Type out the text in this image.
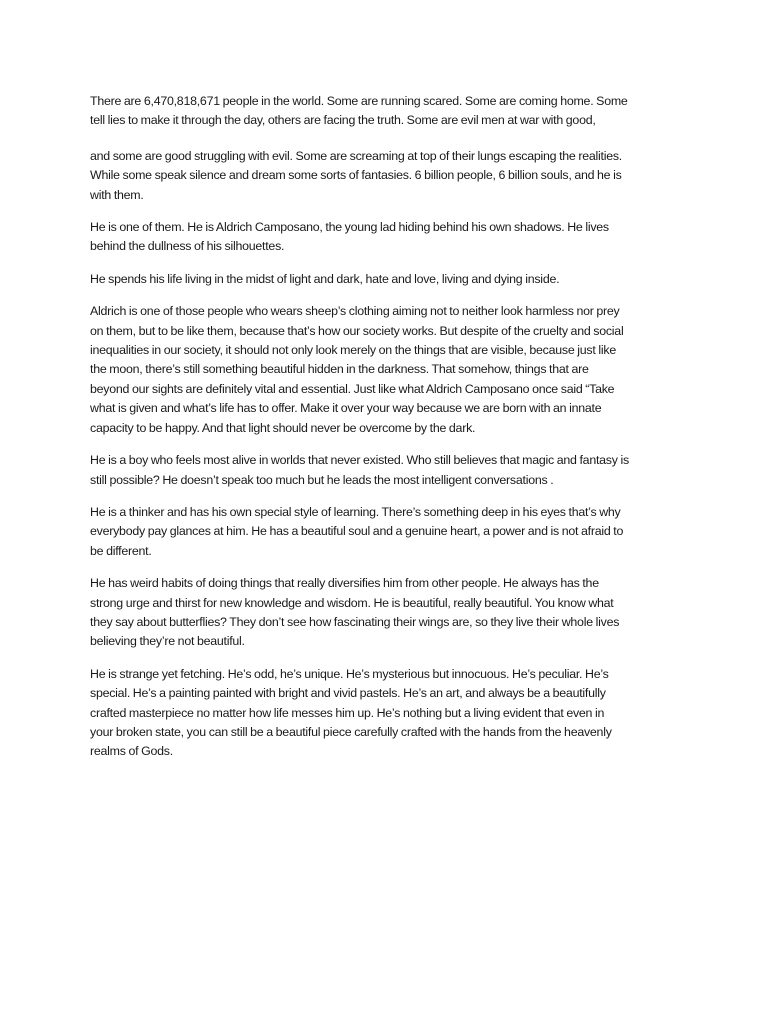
There are 6,470,818,671 people in the world. Some are running scared. Some are coming home. Some
tell lies to make it through the day, others are facing the truth. Some are evil men at war with good,

and some are good struggling with evil. Some are screaming at top of their lungs escaping the realities.
While some speak silence and dream some sorts of fantasies. 6 billion people, 6 billion souls, and he is
with them.

He is one of them. He is Aldrich Camposano, the young lad hiding behind his own shadows. He lives
behind the dullness of his silhouettes.

He spends his life living in the midst of light and dark, hate and love, living and dying inside.

Aldrich is one of those people who wears sheep’s clothing aiming not to neither look harmless nor prey
on them, but to be like them, because that’s how our society works. But despite of the cruelty and social
inequalities in our society, it should not only look merely on the things that are visible, because just like
the moon, there’s still something beautiful hidden in the darkness. That somehow, things that are
beyond our sights are definitely vital and essential. Just like what Aldrich Camposano once said “Take
what is given and what’s life has to offer. Make it over your way because we are born with an innate
capacity to be happy. And that light should never be overcome by the dark.

He is a boy who feels most alive in worlds that never existed. Who still believes that magic and fantasy is
still possible? He doesn’t speak too much but he leads the most intelligent conversations .

He is a thinker and has his own special style of learning. There’s something deep in his eyes that’s why
everybody pay glances at him. He has a beautiful soul and a genuine heart, a power and is not afraid to
be different.

He has weird habits of doing things that really diversifies him from other people. He always has the
strong urge and thirst for new knowledge and wisdom. He is beautiful, really beautiful. You know what
they say about butterflies? They don’t see how fascinating their wings are, so they live their whole lives
believing they’re not beautiful.

He is strange yet fetching. He’s odd, he’s unique. He’s mysterious but innocuous. He’s peculiar. He’s
special. He’s a painting painted with bright and vivid pastels. He’s an art, and always be a beautifully
crafted masterpiece no matter how life messes him up. He’s nothing but a living evident that even in
your broken state, you can still be a beautiful piece carefully crafted with the hands from the heavenly
realms of Gods.
